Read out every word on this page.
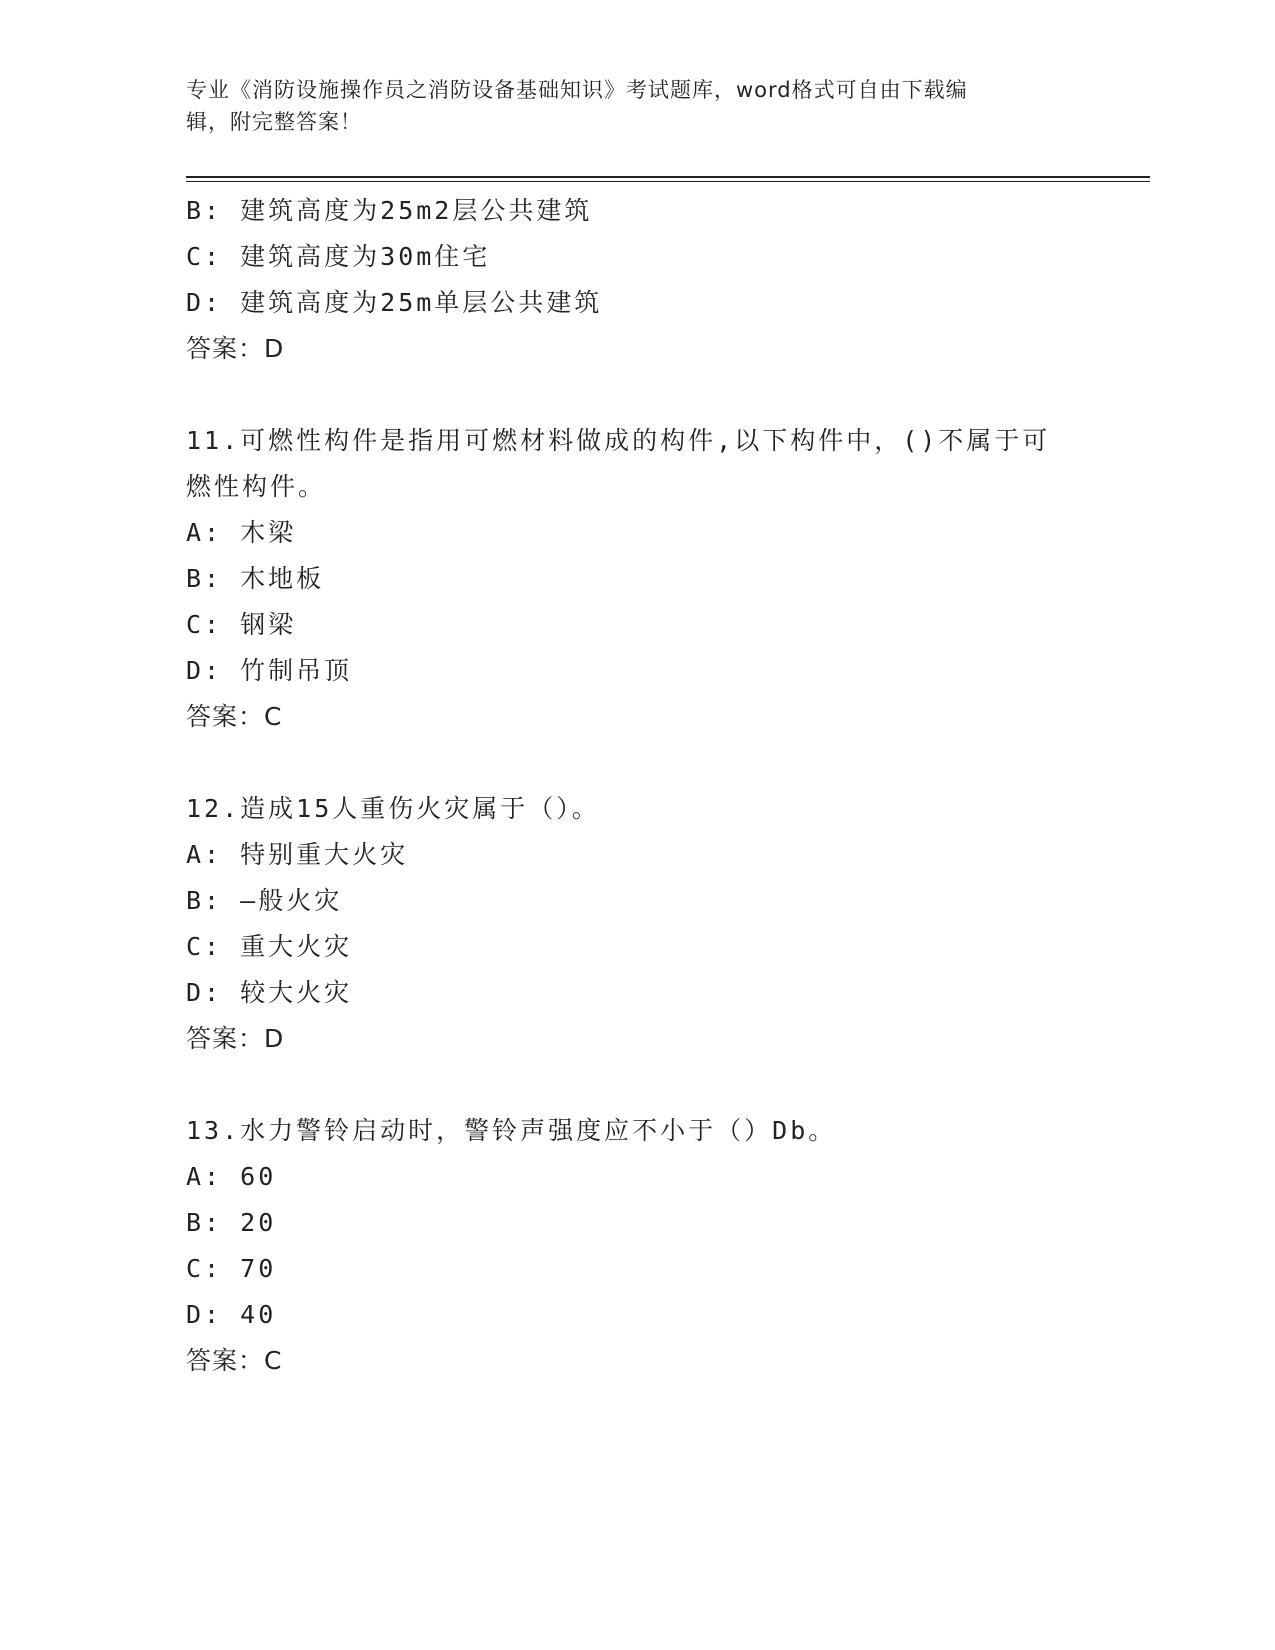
专业《消防设施操作员之消防设备基础知识》考试题库，word格式可自由下载编
辑，附完整答案！
B: 建筑高度为25m2层公共建筑
C: 建筑高度为30m住宅
D: 建筑高度为25m单层公共建筑
答案：D
11.可燃性构件是指用可燃材料做成的构件,以下构件中，()不属于可
燃性构件。
A: 木梁
B: 木地板
C: 钢梁
D: 竹制吊顶
答案：C
12.造成15人重伤火灾属于（）。
A: 特别重大火灾
B: —般火灾
C: 重大火灾
D: 较大火灾
答案：D
13.水力警铃启动时，警铃声强度应不小于（）Db。
A: 60
B: 20
C: 70
D: 40
答案：C
